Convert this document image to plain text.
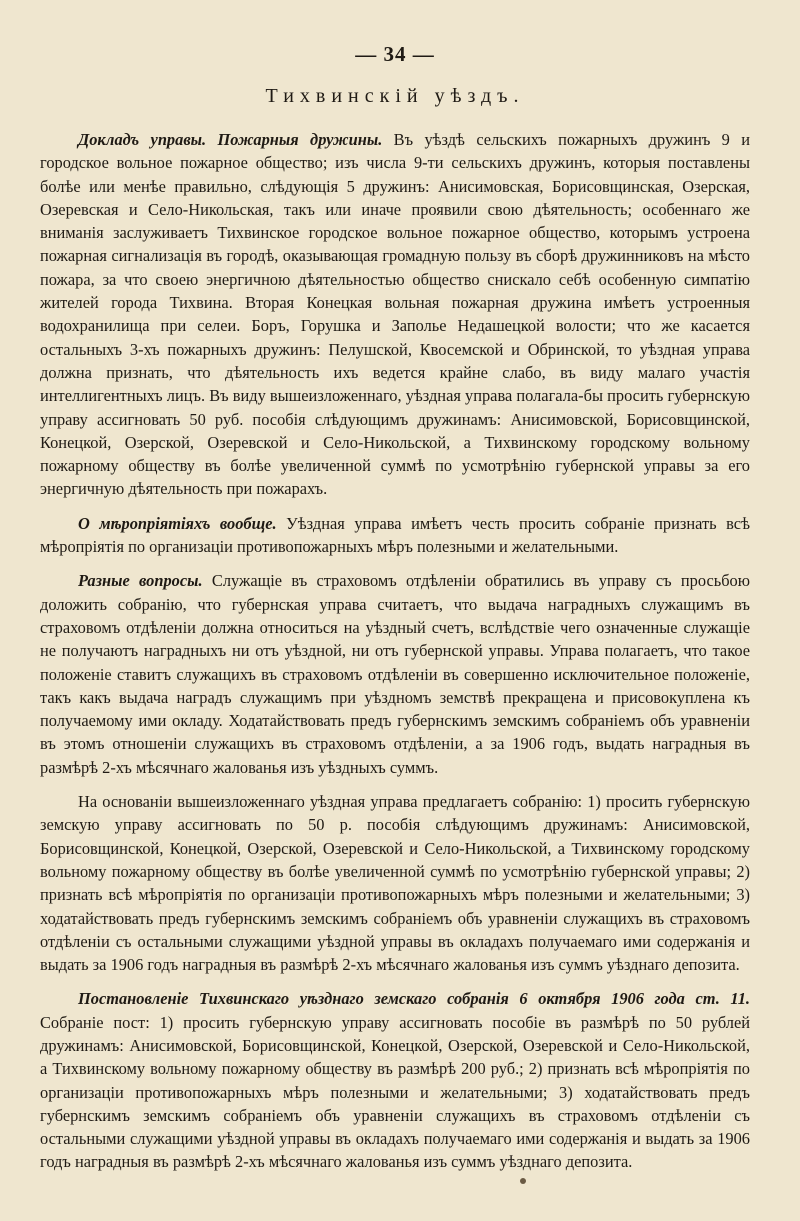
— 34 —
Тихвинскій уѣздъ.

Докладъ управы. Пожарныя дружины. Въ уѣздѣ сельскихъ пожарныхъ дружинъ 9 и городское вольное пожарное общество; изъ числа 9-ти сельскихъ дружинъ, которыя поставлены болѣе или менѣе правильно, слѣдующія 5 дружинъ: Анисимовская, Борисовщинская, Озерская, Озеревская и Село-Никольская, такъ или иначе проявили свою дѣятельность; особеннаго же вниманія заслуживаетъ Тихвинское городское вольное пожарное общество, которымъ устроена пожарная сигнализація въ городѣ, оказывающая громадную пользу въ сборѣ дружинниковъ на мѣсто пожара, за что своею энергичною дѣятельностью общество снискало себѣ особенную симпатію жителей города Тихвина. Вторая Конецкая вольная пожарная дружина имѣетъ устроенныя водохранилища при селеи. Боръ, Горушка и Заполье Недашецкой волости; что же касается остальныхъ 3-хъ пожарныхъ дружинъ: Пелушской, Квосемской и Обринской, то уѣздная управа должна признать, что дѣятельность ихъ ведется крайне слабо, въ виду малаго участія интеллигентныхъ лицъ. Въ виду вышеизложеннаго, уѣздная управа полагала-бы просить губернскую управу ассигновать 50 руб. пособія слѣдующимъ дружинамъ: Анисимовской, Борисовщинской, Конецкой, Озерской, Озеревской и Село-Никольской, а Тихвинскому городскому вольному пожарному обществу въ болѣе увеличенной суммѣ по усмотрѣнію губернской управы за его энергичную дѣятельность при пожарахъ.

О мѣропріятіяхъ вообще. Уѣздная управа имѣетъ честь просить собраніе признать всѣ мѣропріятія по организаціи противопожарныхъ мѣръ полезными и желательными.

Разные вопросы. Служащіе въ страховомъ отдѣленіи обратились въ управу съ просьбою доложить собранію, что губернская управа считаетъ, что выдача наградныхъ служащимъ въ страховомъ отдѣленіи должна относиться на уѣздный счетъ, вслѣдствіе чего означенные служащіе не получаютъ наградныхъ ни отъ уѣздной, ни отъ губернской управы. Управа полагаетъ, что такое положеніе ставитъ служащихъ въ страховомъ отдѣленіи въ совершенно исключительное положеніе, такъ какъ выдача наградъ служащимъ при уѣздномъ земствѣ прекращена и присовокуплена къ получаемому ими окладу. Ходатайствовать предъ губернскимъ земскимъ собраніемъ объ уравненіи въ этомъ отношеніи служащихъ въ страховомъ отдѣленіи, а за 1906 годъ, выдать наградныя въ размѣрѣ 2-хъ мѣсячнаго жалованья изъ уѣздныхъ суммъ.

На основаніи вышеизложеннаго уѣздная управа предлагаетъ собранію: 1) просить губернскую земскую управу ассигновать по 50 р. пособія слѣдующимъ дружинамъ: Анисимовской, Борисовщинской, Конецкой, Озерской, Озеревской и Село-Никольской, а Тихвинскому городскому вольному пожарному обществу въ болѣе увеличенной суммѣ по усмотрѣнію губернской управы; 2) признать всѣ мѣропріятія по организаціи противопожарныхъ мѣръ полезными и желательными; 3) ходатайствовать предъ губернскимъ земскимъ собраніемъ объ уравненіи служащихъ въ страховомъ отдѣленіи съ остальными служащими уѣздной управы въ окладахъ получаемаго ими содержанія и выдать за 1906 годъ наградныя въ размѣрѣ 2-хъ мѣсячнаго жалованья изъ суммъ уѣзднаго депозита.

Постановленіе Тихвинскаго уѣзднаго земскаго собранія 6 октября 1906 года ст. 11. Собраніе пост: 1) просить губернскую управу ассигновать пособіе въ размѣрѣ по 50 рублей дружинамъ: Анисимовской, Борисовщинской, Конецкой, Озерской, Озеревской и Село-Никольской, а Тихвинскому вольному пожарному обществу въ размѣрѣ 200 руб.; 2) признать всѣ мѣропріятія по организаціи противопожарныхъ мѣръ полезными и желательными; 3) ходатайствовать предъ губернскимъ земскимъ собраніемъ объ уравненіи служащихъ въ страховомъ отдѣленіи съ остальными служащими уѣздной управы въ окладахъ получаемаго ими содержанія и выдать за 1906 годъ наградныя въ размѣрѣ 2-хъ мѣсячнаго жалованья изъ суммъ уѣзднаго депозита.
